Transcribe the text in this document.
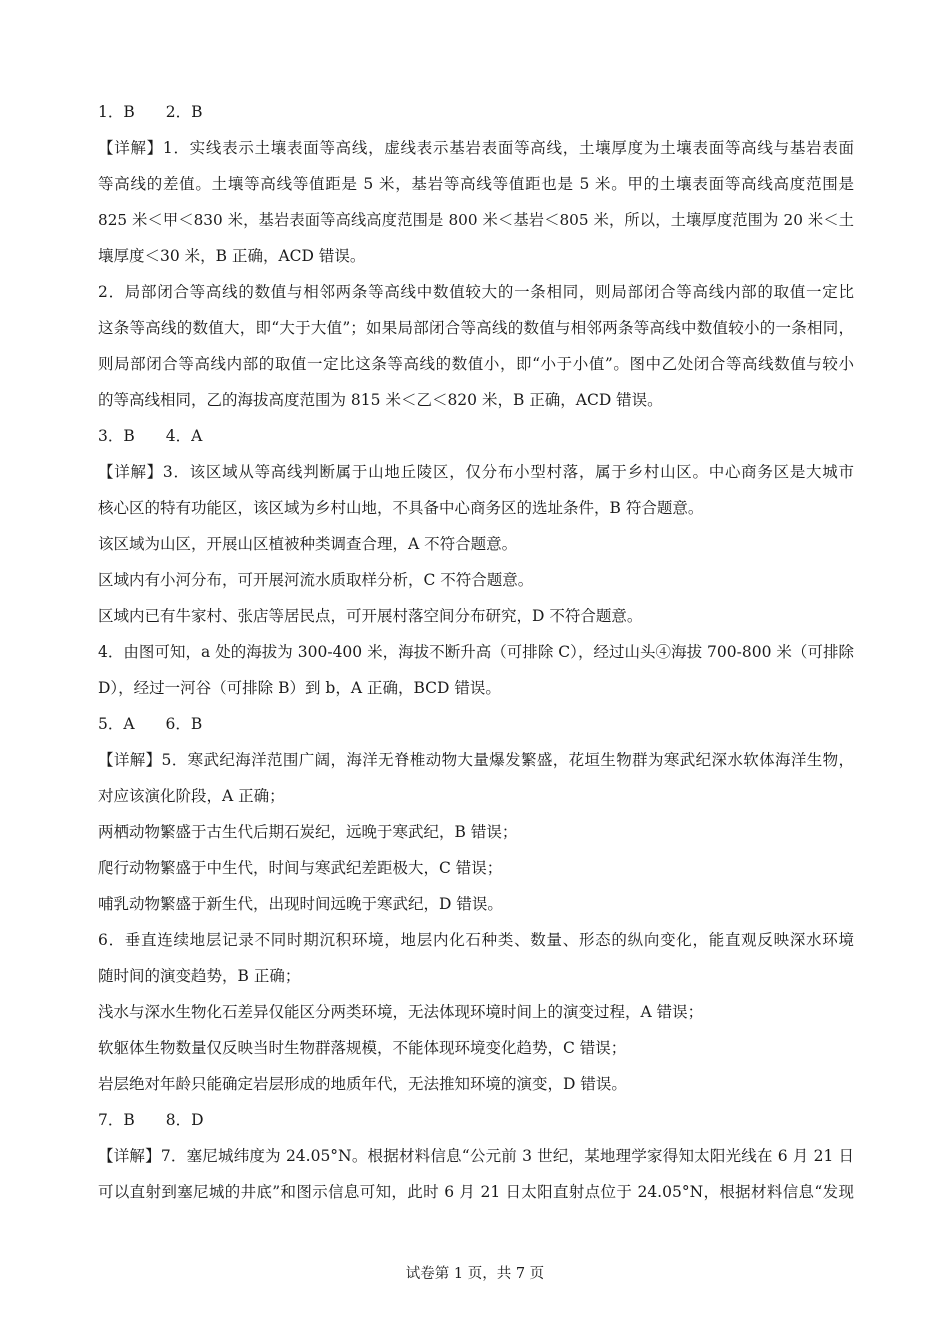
1．B　　2．B
【详解】1．实线表示土壤表面等高线，虚线表示基岩表面等高线，土壤厚度为土壤表面等高线与基岩表面
等高线的差值。土壤等高线等值距是 5 米，基岩等高线等值距也是 5 米。甲的土壤表面等高线高度范围是
825 米＜甲＜830 米，基岩表面等高线高度范围是 800 米＜基岩＜805 米，所以，土壤厚度范围为 20 米＜土
壤厚度＜30 米，B 正确，ACD 错误。
2．局部闭合等高线的数值与相邻两条等高线中数值较大的一条相同，则局部闭合等高线内部的取值一定比
这条等高线的数值大，即“大于大值”；如果局部闭合等高线的数值与相邻两条等高线中数值较小的一条相同，
则局部闭合等高线内部的取值一定比这条等高线的数值小，即“小于小值”。图中乙处闭合等高线数值与较小
的等高线相同，乙的海拔高度范围为 815 米＜乙＜820 米，B 正确，ACD 错误。
3．B　　4．A
【详解】3．该区域从等高线判断属于山地丘陵区，仅分布小型村落，属于乡村山区。中心商务区是大城市
核心区的特有功能区，该区域为乡村山地，不具备中心商务区的选址条件，B 符合题意。
该区域为山区，开展山区植被种类调查合理，A 不符合题意。
区域内有小河分布，可开展河流水质取样分析，C 不符合题意。
区域内已有牛家村、张店等居民点，可开展村落空间分布研究，D 不符合题意。
4．由图可知，a 处的海拔为 300-400 米，海拔不断升高（可排除 C），经过山头④海拔 700-800 米（可排除
D），经过一河谷（可排除 B）到 b，A 正确，BCD 错误。
5．A　　6．B
【详解】5．寒武纪海洋范围广阔，海洋无脊椎动物大量爆发繁盛，花垣生物群为寒武纪深水软体海洋生物，
对应该演化阶段，A 正确；
两栖动物繁盛于古生代后期石炭纪，远晚于寒武纪，B 错误；
爬行动物繁盛于中生代，时间与寒武纪差距极大，C 错误；
哺乳动物繁盛于新生代，出现时间远晚于寒武纪，D 错误。
6．垂直连续地层记录不同时期沉积环境，地层内化石种类、数量、形态的纵向变化，能直观反映深水环境
随时间的演变趋势，B 正确；
浅水与深水生物化石差异仅能区分两类环境，无法体现环境时间上的演变过程，A 错误；
软躯体生物数量仅反映当时生物群落规模，不能体现环境变化趋势，C 错误；
岩层绝对年龄只能确定岩层形成的地质年代，无法推知环境的演变，D 错误。
7．B　　8．D
【详解】7．塞尼城纬度为 24.05°N。根据材料信息“公元前 3 世纪，某地理学家得知太阳光线在 6 月 21 日
可以直射到塞尼城的井底”和图示信息可知，此时 6 月 21 日太阳直射点位于 24.05°N，根据材料信息“发现
试卷第 1 页，共 7 页
